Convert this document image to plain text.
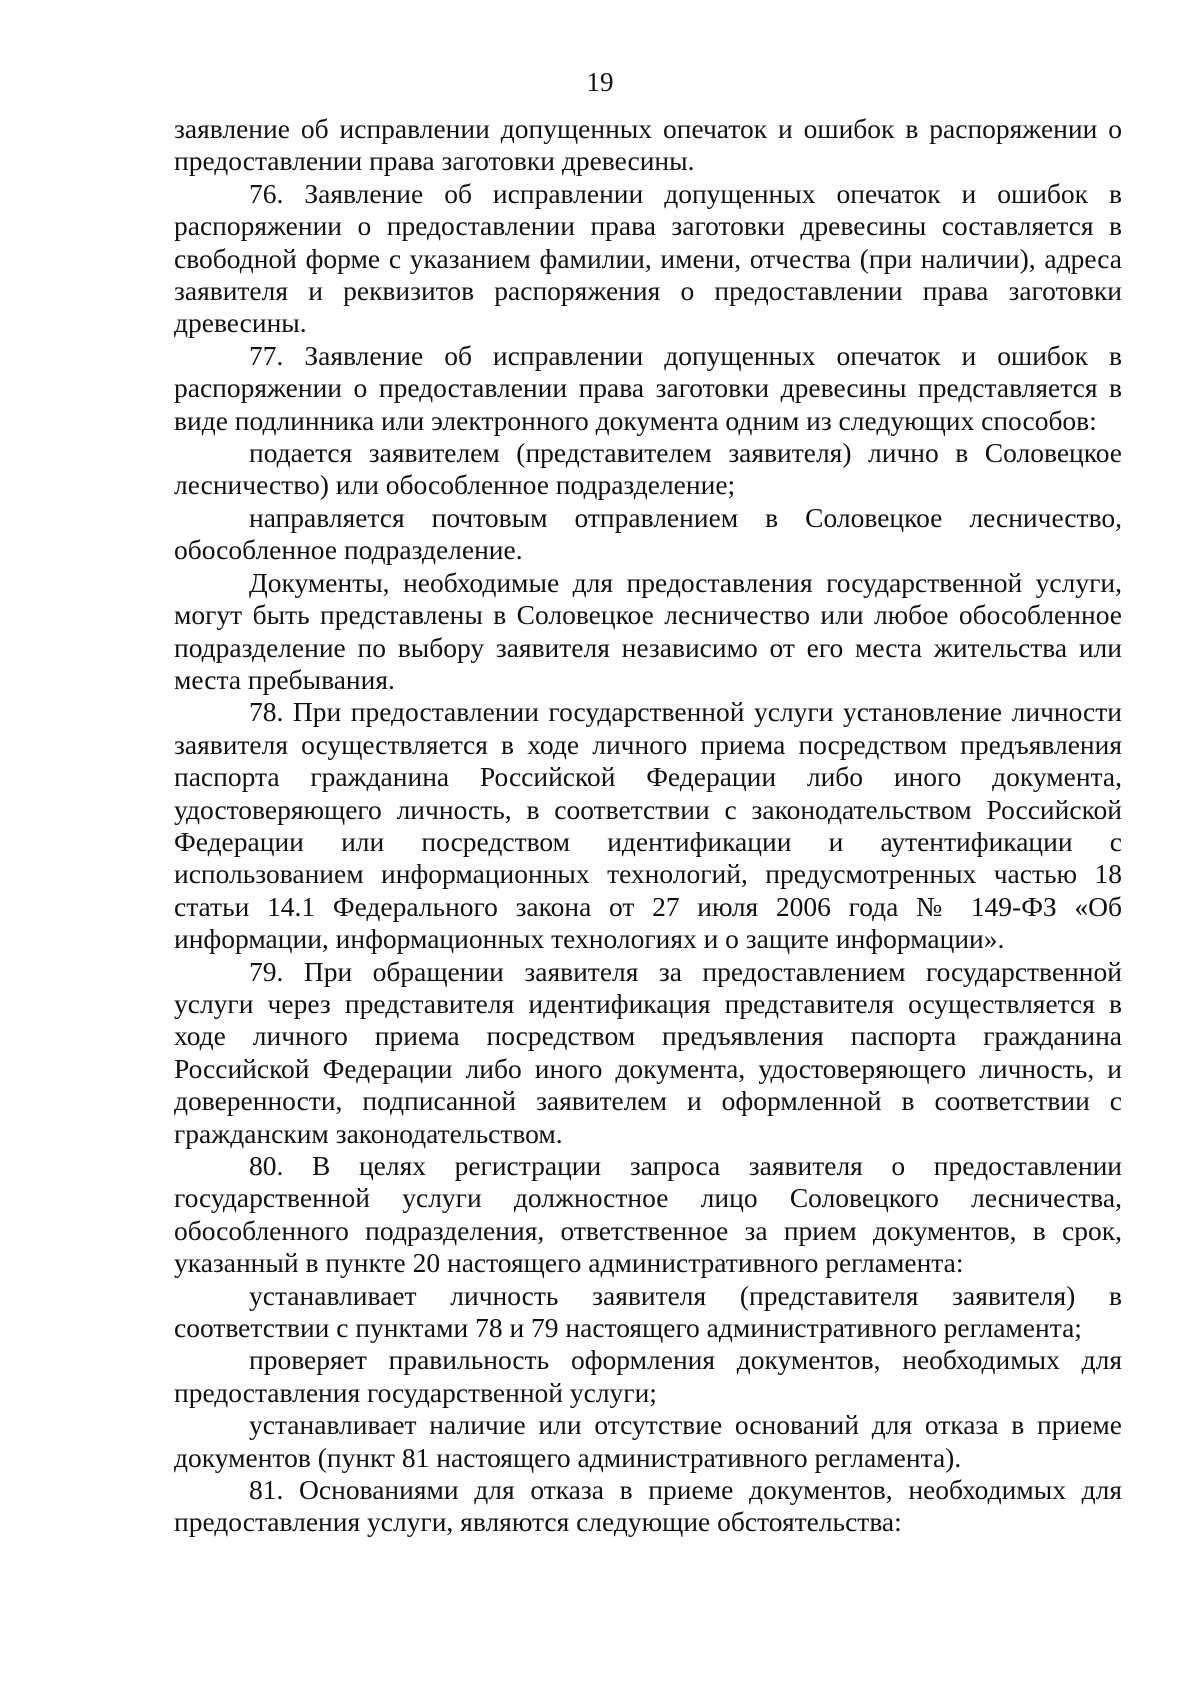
19

заявление об исправлении допущенных опечаток и ошибок в распоряжении о предоставлении права заготовки древесины.

76. Заявление об исправлении допущенных опечаток и ошибок в распоряжении о предоставлении права заготовки древесины составляется в свободной форме с указанием фамилии, имени, отчества (при наличии), адреса заявителя и реквизитов распоряжения о предоставлении права заготовки древесины.

77. Заявление об исправлении допущенных опечаток и ошибок в распоряжении о предоставлении права заготовки древесины представляется в виде подлинника или электронного документа одним из следующих способов:

подается заявителем (представителем заявителя) лично в Соловецкое лесничество) или обособленное подразделение;

направляется почтовым отправлением в Соловецкое лесничество, обособленное подразделение.

Документы, необходимые для предоставления государственной услуги, могут быть представлены в Соловецкое лесничество или любое обособленное подразделение по выбору заявителя независимо от его места жительства или места пребывания.

78. При предоставлении государственной услуги установление личности заявителя осуществляется в ходе личного приема посредством предъявления паспорта гражданина Российской Федерации либо иного документа, удостоверяющего личность, в соответствии с законодательством Российской Федерации или посредством идентификации и аутентификации с использованием информационных технологий, предусмотренных частью 18 статьи 14.1 Федерального закона от 27 июля 2006 года № 149-ФЗ «Об информации, информационных технологиях и о защите информации».

79. При обращении заявителя за предоставлением государственной услуги через представителя идентификация представителя осуществляется в ходе личного приема посредством предъявления паспорта гражданина Российской Федерации либо иного документа, удостоверяющего личность, и доверенности, подписанной заявителем и оформленной в соответствии с гражданским законодательством.

80. В целях регистрации запроса заявителя о предоставлении государственной услуги должностное лицо Соловецкого лесничества, обособленного подразделения, ответственное за прием документов, в срок, указанный в пункте 20 настоящего административного регламента:

устанавливает личность заявителя (представителя заявителя) в соответствии с пунктами 78 и 79 настоящего административного регламента;

проверяет правильность оформления документов, необходимых для предоставления государственной услуги;

устанавливает наличие или отсутствие оснований для отказа в приеме документов (пункт 81 настоящего административного регламента).

81. Основаниями для отказа в приеме документов, необходимых для предоставления услуги, являются следующие обстоятельства:
